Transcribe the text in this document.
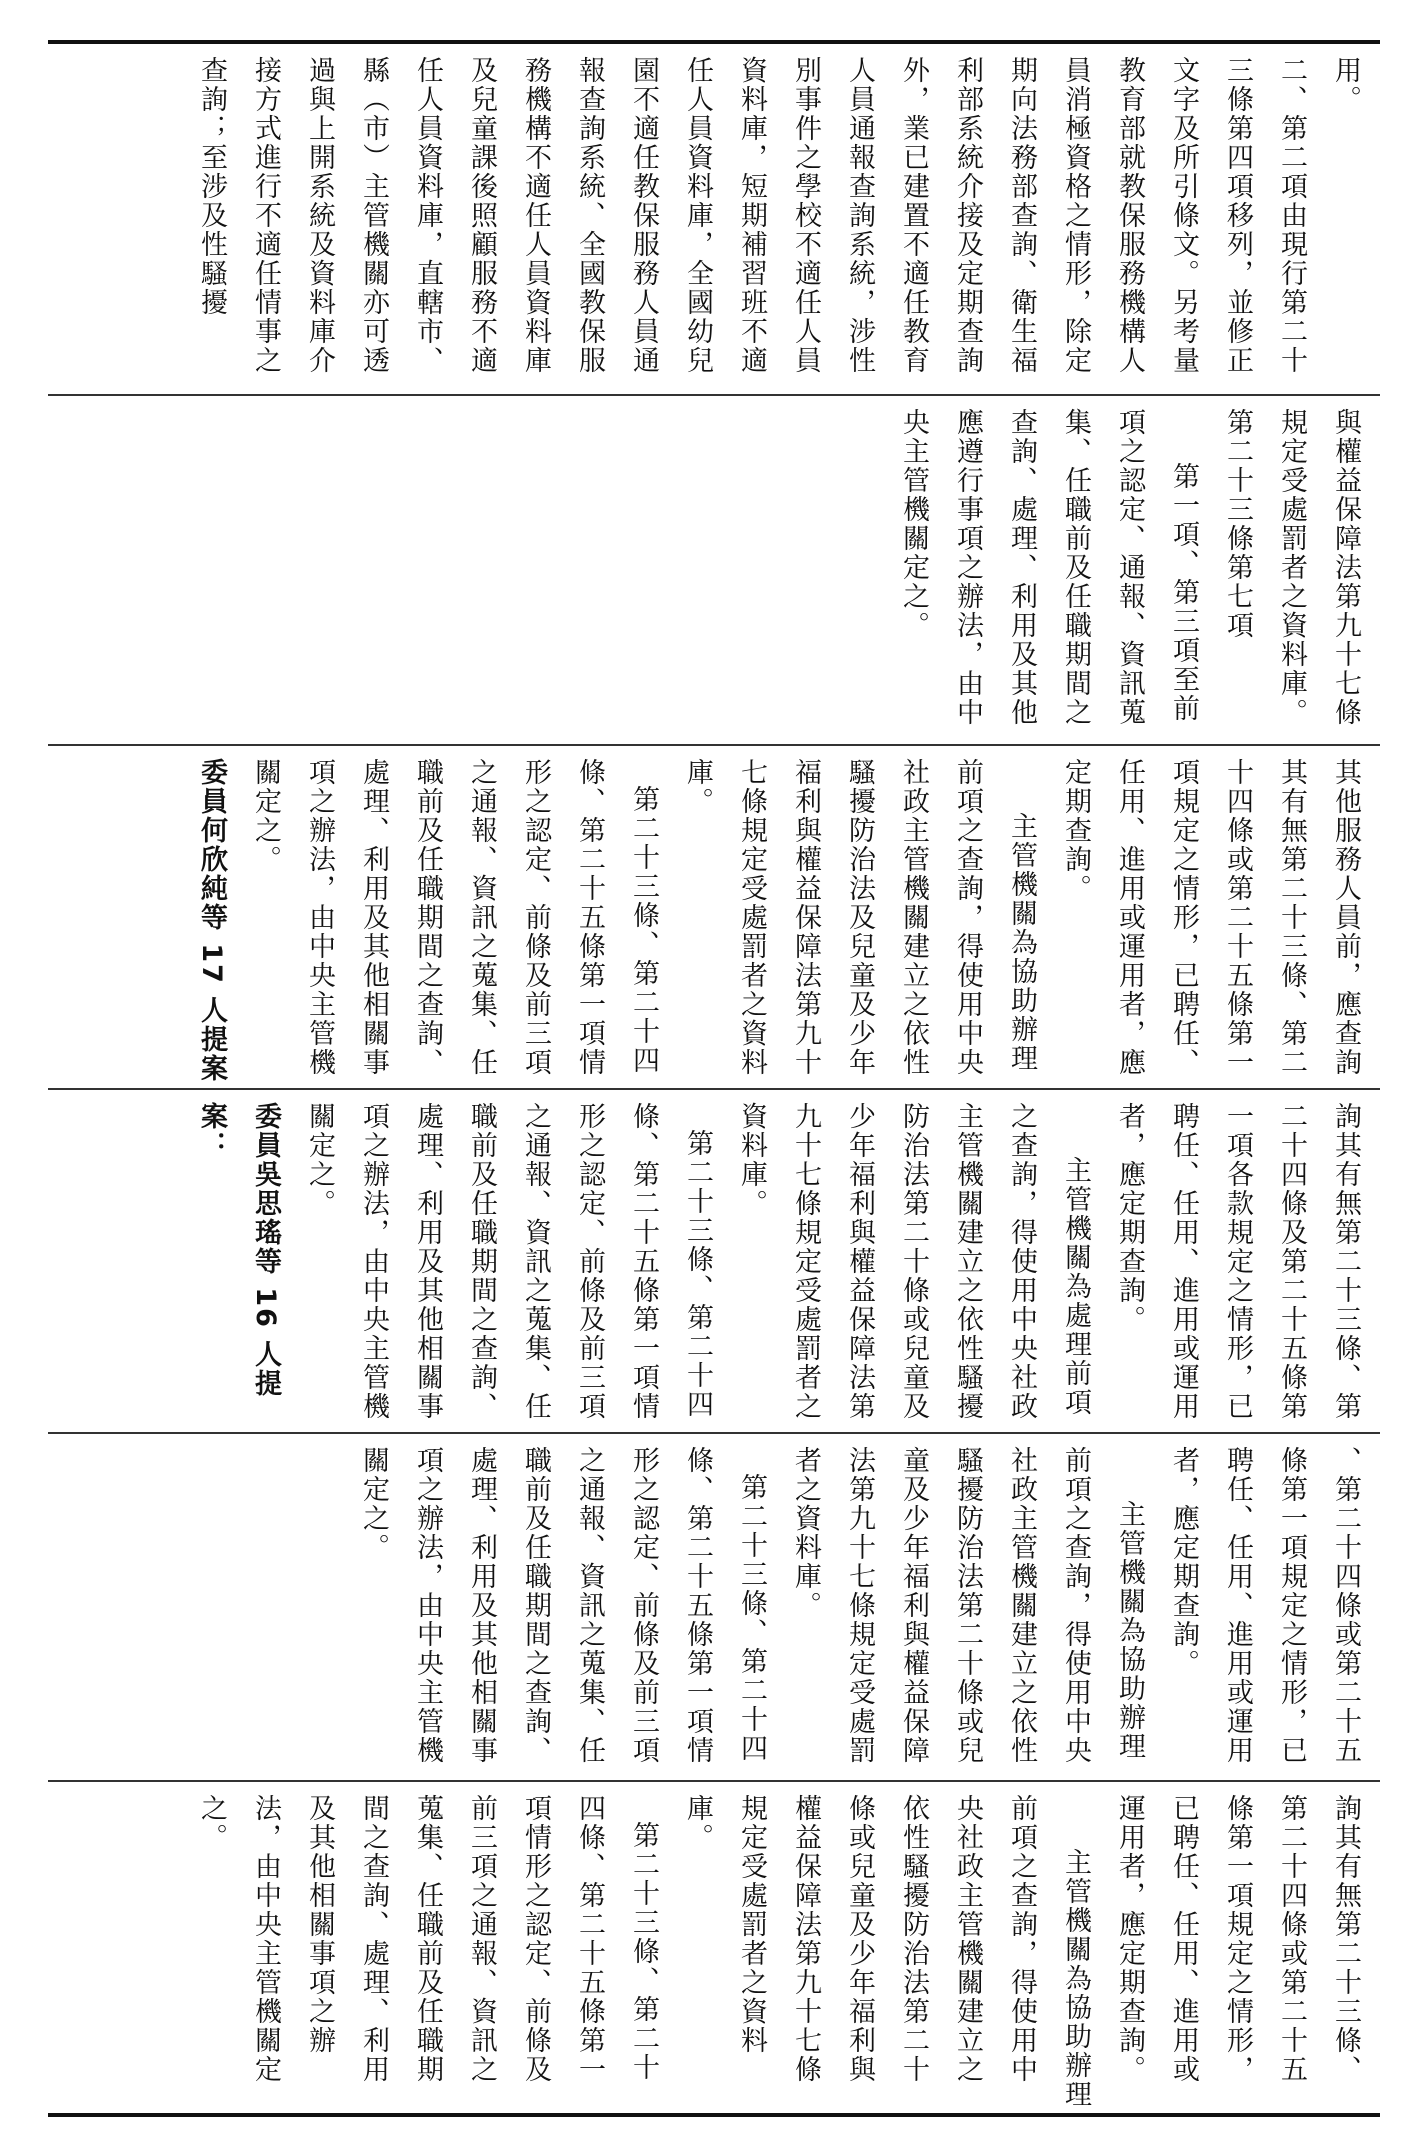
用。

二、第二項由現行第二十三條第四項移列，並修正文字及所引條文。另考量教育部就教保服務機構人員消極資格之情形，除定期向法務部查詢、衛生福利部系統介接及定期查詢外，業已建置不適任教育人員通報查詢系統，涉性別事件之學校不適任人員資料庫，短期補習班不適任人員資料庫，全國幼兒園不適任教保服務人員通報查詢系統、全國教保服務機構不適任人員資料庫及兒童課後照顧服務不適任人員資料庫，直轄市、縣（市）主管機關亦可透過與上開系統及資料庫介接方式進行不適任情事之查詢；至涉及性騷擾

與權益保障法第九十七條規定受處罰者之資料庫。

第二十三條第七項

第一項、第三項至前項之認定、通報、資訊蒐集、任職前及任職期間之查詢、處理、利用及其他應遵行事項之辦法，由中央主管機關定之。

其他服務人員前，應查詢其有無第二十三條、第二十四條或第二十五條第一項規定之情形，已聘任、任用、進用或運用者，應定期查詢。

主管機關為協助辦理前項之查詢，得使用中央社政主管機關建立之依性騷擾防治法及兒童及少年福利與權益保障法第九十七條規定受處罰者之資料庫。

第二十三條、第二十四條、第二十五條第一項情形之認定、前條及前三項之通報、資訊之蒐集、任職前及任職期間之查詢、處理、利用及其他相關事項之辦法，由中央主管機關定之。

委員何欣純等 17 人提案

詢其有無第二十三條、第二十四條及第二十五條第一項各款規定之情形，已聘任、任用、進用或運用者，應定期查詢。

主管機關為處理前項之查詢，得使用中央社政主管機關建立之依性騷擾防治法第二十條或兒童及少年福利與權益保障法第九十七條規定受處罰者之資料庫。

第二十三條、第二十四條、第二十五條第一項情形之認定、前條及前三項之通報、資訊之蒐集、任職前及任職期間之查詢、處理、利用及其他相關事項之辦法，由中央主管機關定之。

委員吳思瑤等 16 人提案：

、第二十四條或第二十五條第一項規定之情形，已聘任、任用、進用或運用者，應定期查詢。

主管機關為協助辦理前項之查詢，得使用中央社政主管機關建立之依性騷擾防治法第二十條或兒童及少年福利與權益保障法第九十七條規定受處罰者之資料庫。

第二十三條、第二十四條、第二十五條第一項情形之認定、前條及前三項之通報、資訊之蒐集、任職前及任職期間之查詢、處理、利用及其他相關事項之辦法，由中央主管機關定之。

詢其有無第二十三條、第二十四條或第二十五條第一項規定之情形，已聘任、任用、進用或運用者，應定期查詢。

主管機關為協助辦理前項之查詢，得使用中央社政主管機關建立之依性騷擾防治法第二十條或兒童及少年福利與權益保障法第九十七條規定受處罰者之資料庫。

第二十三條、第二十四條、第二十五條第一項情形之認定、前條及前三項之通報、資訊之蒐集、任職前及任職期間之查詢、處理、利用及其他相關事項之辦法，由中央主管機關定之。
